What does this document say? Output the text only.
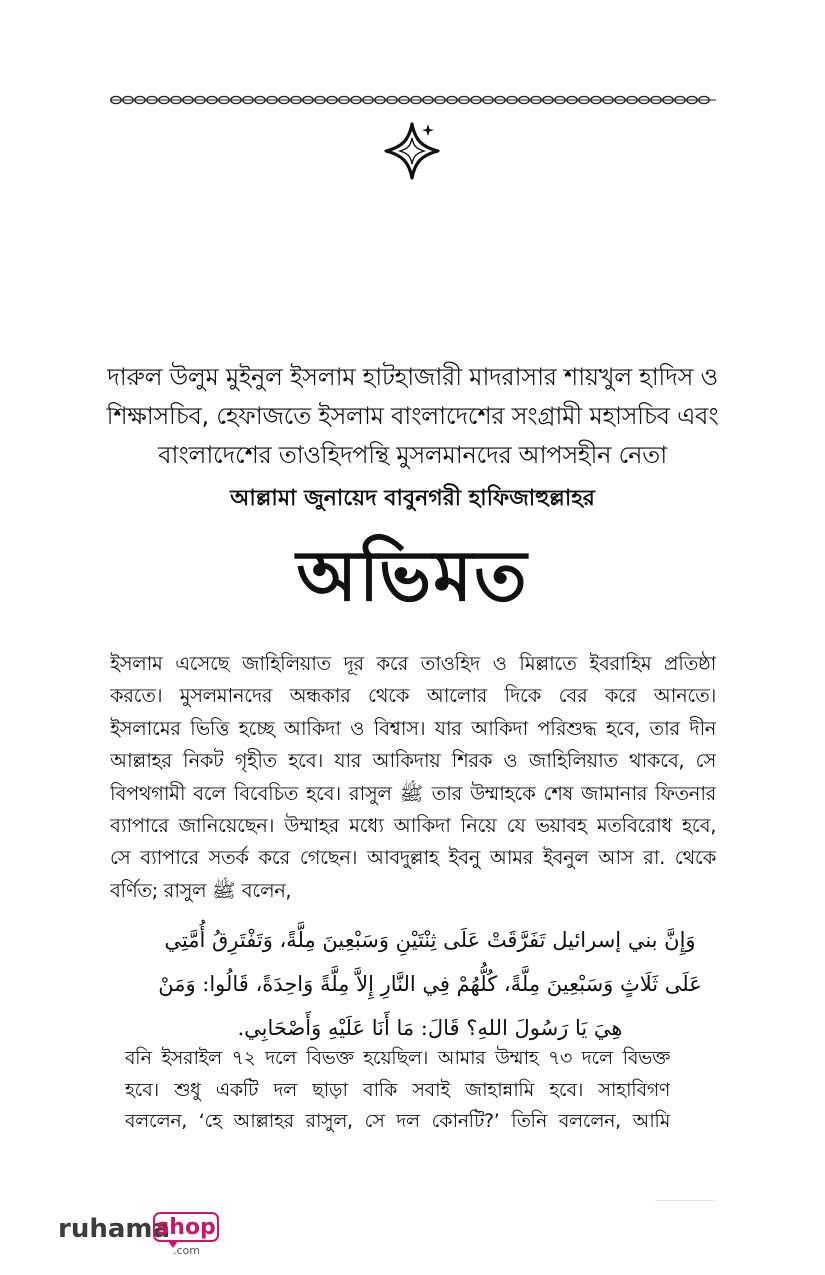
দারুল উলুম মুইনুল ইসলাম হাটহাজারী মাদরাসার শায়খুল হাদিস ও
শিক্ষাসচিব, হেফাজতে ইসলাম বাংলাদেশের সংগ্রামী মহাসচিব এবং
বাংলাদেশের তাওহিদপন্থি মুসলমানদের আপসহীন নেতা
আল্লামা জুনায়েদ বাবুনগরী হাফিজাহুল্লাহর
অভিমত
ইসলাম এসেছে জাহিলিয়াত দূর করে তাওহিদ ও মিল্লাতে ইবরাহিম প্রতিষ্ঠা
করতে। মুসলমানদের অন্ধকার থেকে আলোর দিকে বের করে আনতে।
ইসলামের ভিত্তি হচ্ছে আকিদা ও বিশ্বাস। যার আকিদা পরিশুদ্ধ হবে, তার দীন
আল্লাহর নিকট গৃহীত হবে। যার আকিদায় শিরক ও জাহিলিয়াত থাকবে, সে
বিপথগামী বলে বিবেচিত হবে। রাসুল ﷺ তার উম্মাহকে শেষ জামানার ফিতনার
ব্যাপারে জানিয়েছেন। উম্মাহর মধ্যে আকিদা নিয়ে যে ভয়াবহ মতবিরোধ হবে,
সে ব্যাপারে সতর্ক করে গেছেন। আবদুল্লাহ ইবনু আমর ইবনুল আস রা. থেকে
বর্ণিত; রাসুল ﷺ বলেন,
وَإِنَّ بني إسرائيل تَفَرَّقَتْ عَلَى ثِنْتَيْنِ وَسَبْعِينَ مِلَّةً، وَتَفْتَرِقُ أُمَّتِي
عَلَى ثَلَاثٍ وَسَبْعِينَ مِلَّةً، كُلُّهُمْ فِي النَّارِ إِلاَّ مِلَّةً وَاحِدَةً، قَالُوا: وَمَنْ
هِيَ يَا رَسُولَ اللهِ؟ قَالَ: مَا أَنَا عَلَيْهِ وَأَصْحَابِي.
বনি ইসরাইল ৭২ দলে বিভক্ত হয়েছিল। আমার উম্মাহ ৭৩ দলে বিভক্ত
হবে। শুধু একটি দল ছাড়া বাকি সবাই জাহান্নামি হবে। সাহাবিগণ
বললেন, ‘হে আল্লাহর রাসুল, সে দল কোনটি?’ তিনি বললেন, আমি
ruhama
shop
.com
